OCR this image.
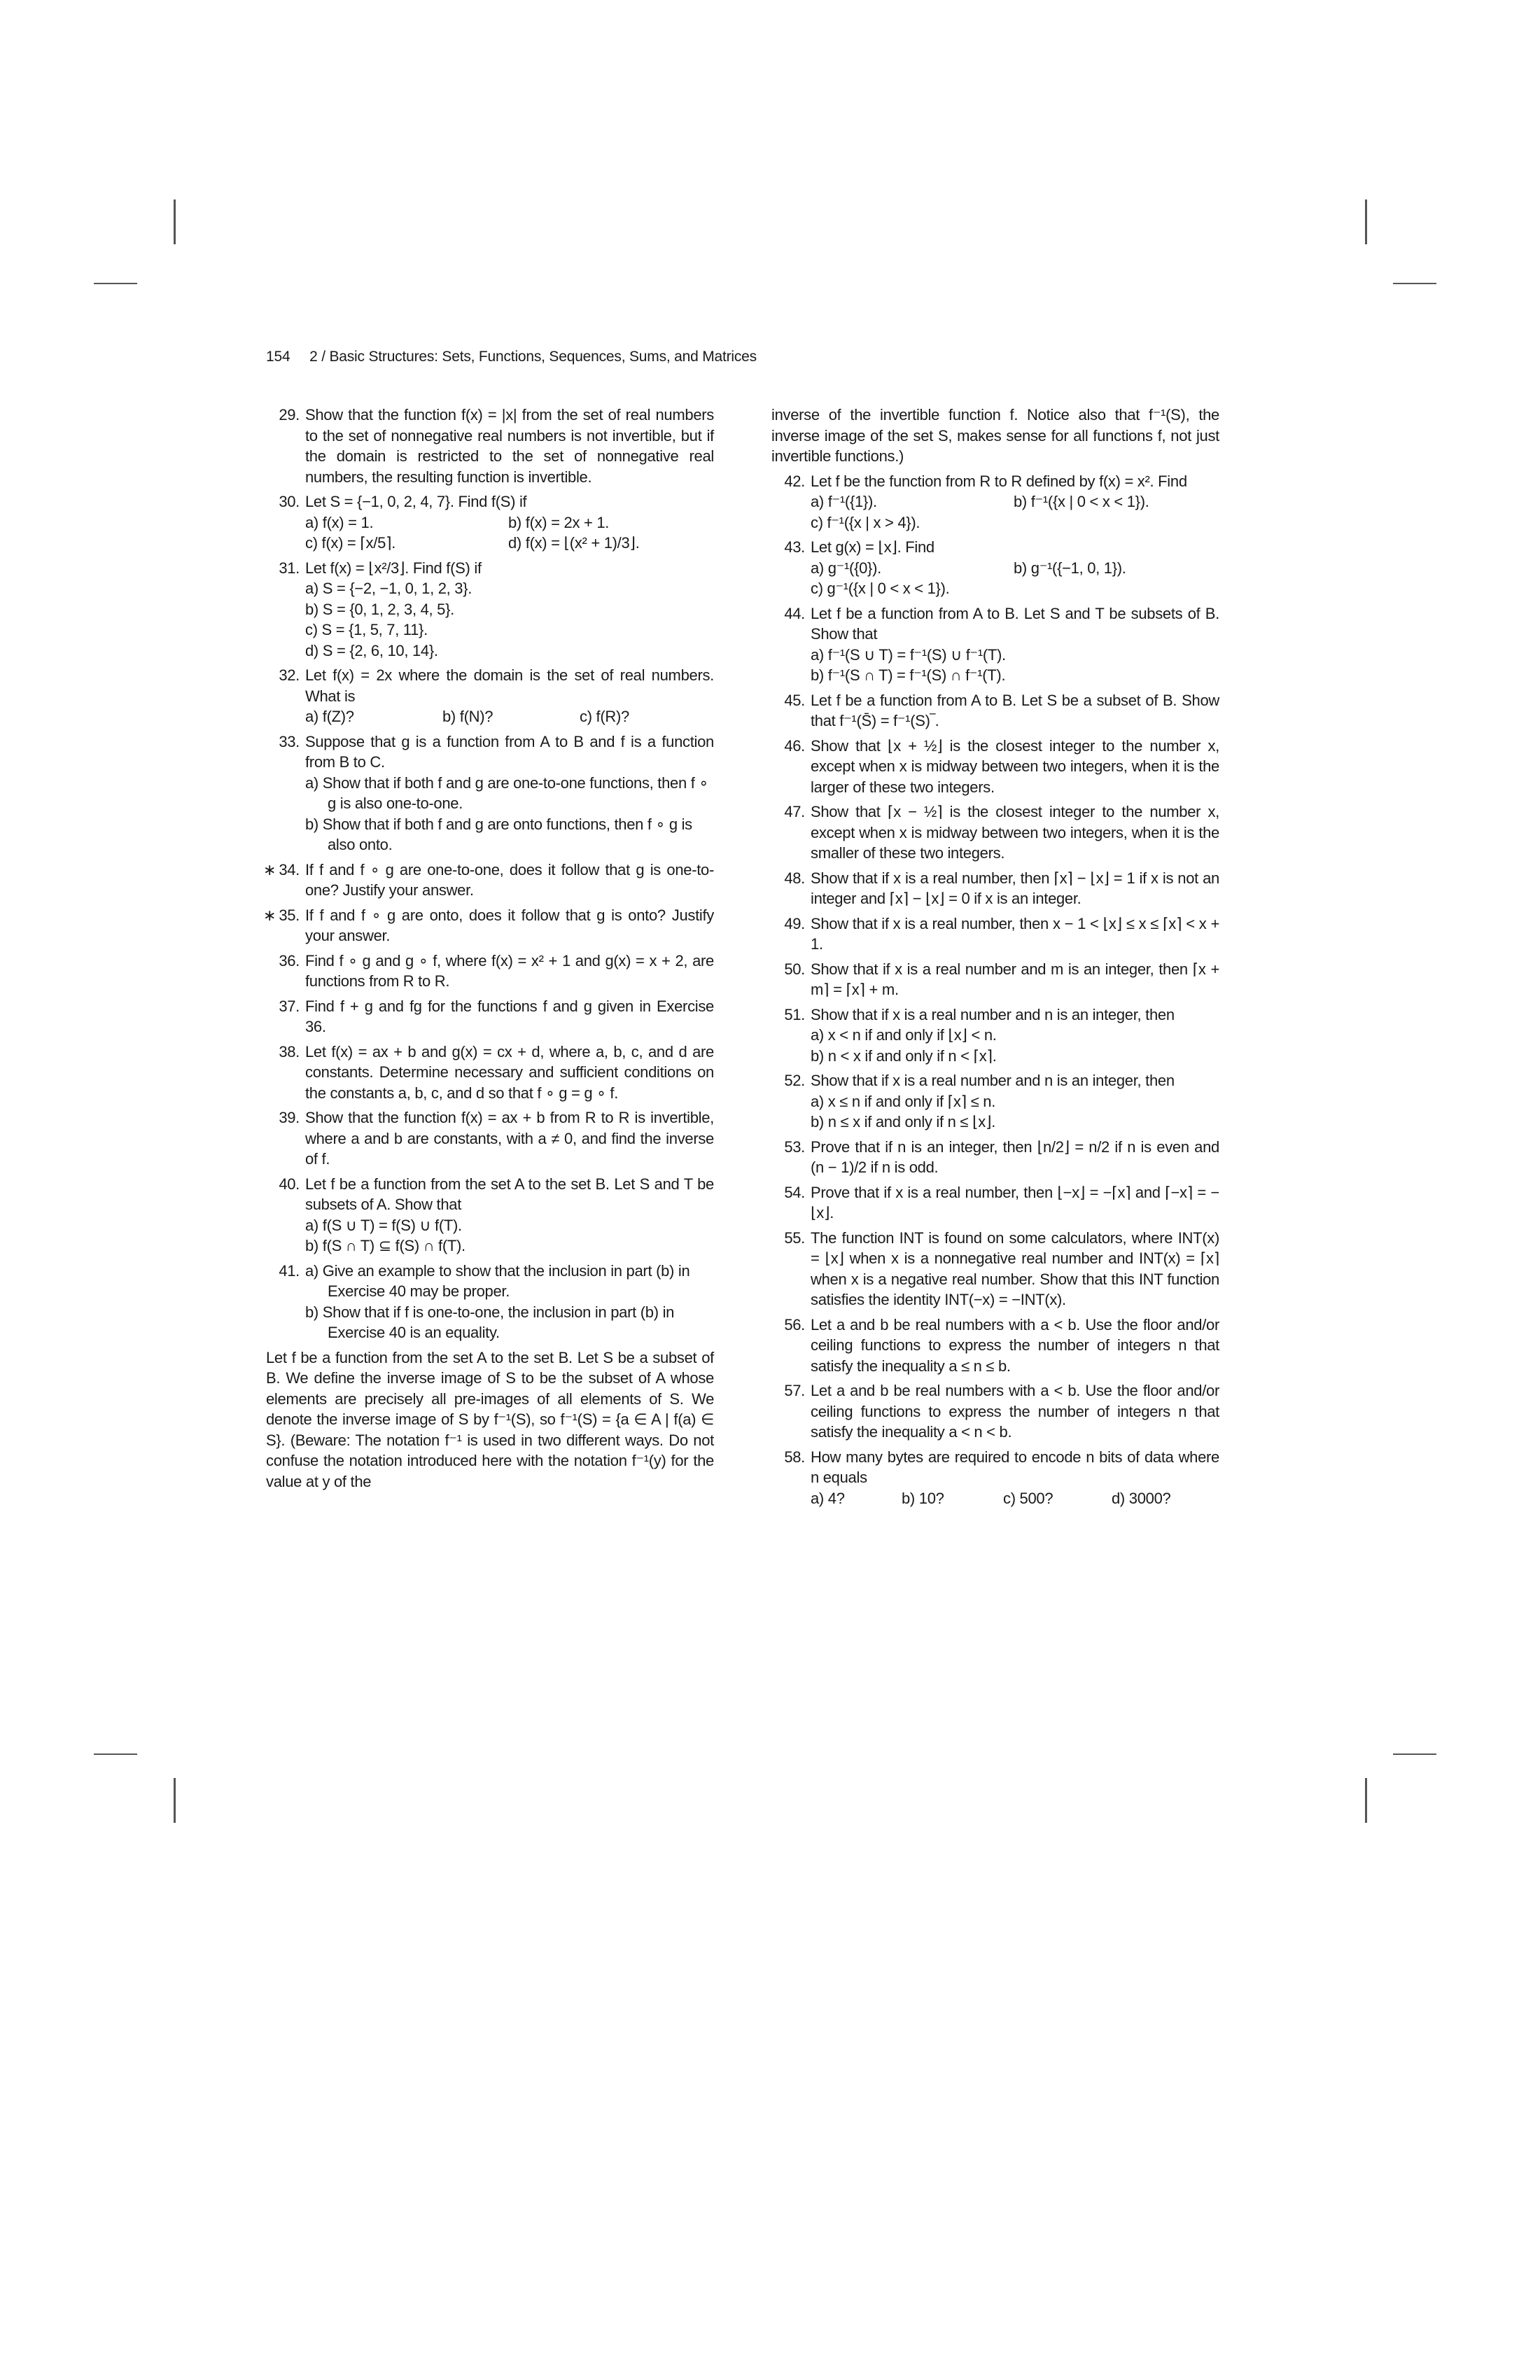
154 2 / Basic Structures: Sets, Functions, Sequences, Sums, and Matrices
29. Show that the function f(x) = |x| from the set of real numbers to the set of nonnegative real numbers is not invertible, but if the domain is restricted to the set of nonnegative real numbers, the resulting function is invertible.
30. Let S = {−1, 0, 2, 4, 7}. Find f(S) if
a) f(x) = 1.	b) f(x) = 2x + 1.
c) f(x) = ⌈x/5⌉.	d) f(x) = ⌊(x² + 1)/3⌋.
31. Let f(x) = ⌊x²/3⌋. Find f(S) if
a) S = {−2, −1, 0, 1, 2, 3}.
b) S = {0, 1, 2, 3, 4, 5}.
c) S = {1, 5, 7, 11}.
d) S = {2, 6, 10, 14}.
32. Let f(x) = 2x where the domain is the set of real numbers. What is
a) f(Z)?	b) f(N)?	c) f(R)?
33. Suppose that g is a function from A to B and f is a function from B to C.
a) Show that if both f and g are one-to-one functions, then f ∘ g is also one-to-one.
b) Show that if both f and g are onto functions, then f ∘ g is also onto.
∗ 34. If f and f ∘ g are one-to-one, does it follow that g is one-to-one? Justify your answer.
∗ 35. If f and f ∘ g are onto, does it follow that g is onto? Justify your answer.
36. Find f ∘ g and g ∘ f, where f(x) = x² + 1 and g(x) = x + 2, are functions from R to R.
37. Find f + g and fg for the functions f and g given in Exercise 36.
38. Let f(x) = ax + b and g(x) = cx + d, where a, b, c, and d are constants. Determine necessary and sufficient conditions on the constants a, b, c, and d so that f ∘ g = g ∘ f.
39. Show that the function f(x) = ax + b from R to R is invertible, where a and b are constants, with a ≠ 0, and find the inverse of f.
40. Let f be a function from the set A to the set B. Let S and T be subsets of A. Show that
a) f(S ∪ T) = f(S) ∪ f(T).
b) f(S ∩ T) ⊆ f(S) ∩ f(T).
41. a) Give an example to show that the inclusion in part (b) in Exercise 40 may be proper.
b) Show that if f is one-to-one, the inclusion in part (b) in Exercise 40 is an equality.
Let f be a function from the set A to the set B. Let S be a subset of B. We define the inverse image of S to be the subset of A whose elements are precisely all pre-images of all elements of S. We denote the inverse image of S by f⁻¹(S), so f⁻¹(S) = {a ∈ A | f(a) ∈ S}. (Beware: The notation f⁻¹ is used in two different ways. Do not confuse the notation introduced here with the notation f⁻¹(y) for the value at y of the
inverse of the invertible function f. Notice also that f⁻¹(S), the inverse image of the set S, makes sense for all functions f, not just invertible functions.)
42. Let f be the function from R to R defined by f(x) = x². Find
a) f⁻¹({1}).	b) f⁻¹({x | 0 < x < 1}).
c) f⁻¹({x | x > 4}).
43. Let g(x) = ⌊x⌋. Find
a) g⁻¹({0}).	b) g⁻¹({−1, 0, 1}).
c) g⁻¹({x | 0 < x < 1}).
44. Let f be a function from A to B. Let S and T be subsets of B. Show that
a) f⁻¹(S ∪ T) = f⁻¹(S) ∪ f⁻¹(T).
b) f⁻¹(S ∩ T) = f⁻¹(S) ∩ f⁻¹(T).
45. Let f be a function from A to B. Let S be a subset of B. Show that f⁻¹(S̄) = f⁻¹(S)‾.
46. Show that ⌊x + ½⌋ is the closest integer to the number x, except when x is midway between two integers, when it is the larger of these two integers.
47. Show that ⌈x − ½⌉ is the closest integer to the number x, except when x is midway between two integers, when it is the smaller of these two integers.
48. Show that if x is a real number, then ⌈x⌉ − ⌊x⌋ = 1 if x is not an integer and ⌈x⌉ − ⌊x⌋ = 0 if x is an integer.
49. Show that if x is a real number, then x − 1 < ⌊x⌋ ≤ x ≤ ⌈x⌉ < x + 1.
50. Show that if x is a real number and m is an integer, then ⌈x + m⌉ = ⌈x⌉ + m.
51. Show that if x is a real number and n is an integer, then
a) x < n if and only if ⌊x⌋ < n.
b) n < x if and only if n < ⌈x⌉.
52. Show that if x is a real number and n is an integer, then
a) x ≤ n if and only if ⌈x⌉ ≤ n.
b) n ≤ x if and only if n ≤ ⌊x⌋.
53. Prove that if n is an integer, then ⌊n/2⌋ = n/2 if n is even and (n − 1)/2 if n is odd.
54. Prove that if x is a real number, then ⌊−x⌋ = −⌈x⌉ and ⌈−x⌉ = −⌊x⌋.
55. The function INT is found on some calculators, where INT(x) = ⌊x⌋ when x is a nonnegative real number and INT(x) = ⌈x⌉ when x is a negative real number. Show that this INT function satisfies the identity INT(−x) = −INT(x).
56. Let a and b be real numbers with a < b. Use the floor and/or ceiling functions to express the number of integers n that satisfy the inequality a ≤ n ≤ b.
57. Let a and b be real numbers with a < b. Use the floor and/or ceiling functions to express the number of integers n that satisfy the inequality a < n < b.
58. How many bytes are required to encode n bits of data where n equals
a) 4?	b) 10?	c) 500?	d) 3000?
